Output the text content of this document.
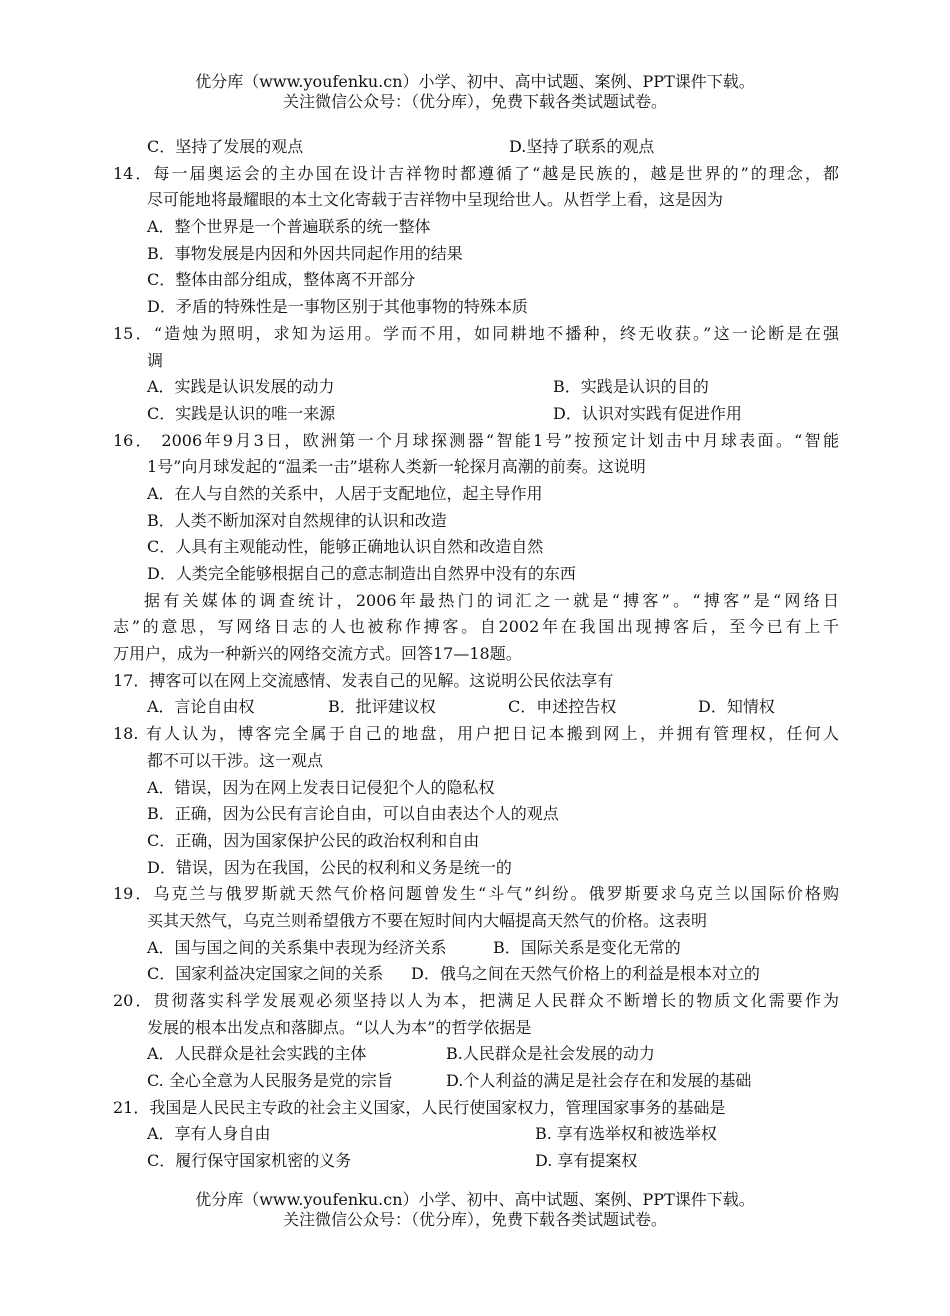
优分库（www.youfenku.cn）小学、初中、高中试题、案例、PPT课件下载。
关注微信公众号：（优分库），免费下载各类试题试卷。
C．坚持了发展的观点	D.坚持了联系的观点
14．每一届奥运会的主办国在设计吉祥物时都遵循了“越是民族的，越是世界的”的理念，都
尽可能地将最耀眼的本土文化寄载于吉祥物中呈现给世人。从哲学上看，这是因为
A．整个世界是一个普遍联系的统一整体
B．事物发展是内因和外因共同起作用的结果
C．整体由部分组成，整体离不开部分
D．矛盾的特殊性是一事物区别于其他事物的特殊本质
15．“造烛为照明，求知为运用。学而不用，如同耕地不播种，终无收获。”这一论断是在强
调
A．实践是认识发展的动力	B．实践是认识的目的
C．实践是认识的唯一来源	D．认识对实践有促进作用
16． 2006年9月3日，欧洲第一个月球探测器“智能1号”按预定计划击中月球表面。“智能
1号”向月球发起的“温柔一击”堪称人类新一轮探月高潮的前奏。这说明
A．在人与自然的关系中，人居于支配地位，起主导作用
B．人类不断加深对自然规律的认识和改造
C．人具有主观能动性，能够正确地认识自然和改造自然
D．人类完全能够根据自己的意志制造出自然界中没有的东西
据有关媒体的调查统计，2006年最热门的词汇之一就是“搏客”。“搏客”是“网络日
志”的意思，写网络日志的人也被称作搏客。自2002年在我国出现搏客后，至今已有上千
万用户，成为一种新兴的网络交流方式。回答17—18题。
17．搏客可以在网上交流感情、发表自己的见解。这说明公民依法享有
A．言论自由权	B．批评建议权	C．申述控告权	D．知情权
18. 有人认为，博客完全属于自己的地盘，用户把日记本搬到网上，并拥有管理权，任何人
都不可以干涉。这一观点
A．错误，因为在网上发表日记侵犯个人的隐私权
B．正确，因为公民有言论自由，可以自由表达个人的观点
C．正确，因为国家保护公民的政治权利和自由
D．错误，因为在我国，公民的权利和义务是统一的
19．乌克兰与俄罗斯就天然气价格问题曾发生“斗气”纠纷。俄罗斯要求乌克兰以国际价格购
买其天然气，乌克兰则希望俄方不要在短时间内大幅提高天然气的价格。这表明
A．国与国之间的关系集中表现为经济关系	B．国际关系是变化无常的
C．国家利益决定国家之间的关系 D．俄乌之间在天然气价格上的利益是根本对立的
20．贯彻落实科学发展观必须坚持以人为本，把满足人民群众不断增长的物质文化需要作为
发展的根本出发点和落脚点。“以人为本”的哲学依据是
A．人民群众是社会实践的主体	B.人民群众是社会发展的动力
C. 全心全意为人民服务是党的宗旨	D.个人利益的满足是社会存在和发展的基础
21．我国是人民民主专政的社会主义国家，人民行使国家权力，管理国家事务的基础是
A．享有人身自由	B. 享有选举权和被选举权
C．履行保守国家机密的义务	D. 享有提案权
优分库（www.youfenku.cn）小学、初中、高中试题、案例、PPT课件下载。
关注微信公众号：（优分库），免费下载各类试题试卷。
